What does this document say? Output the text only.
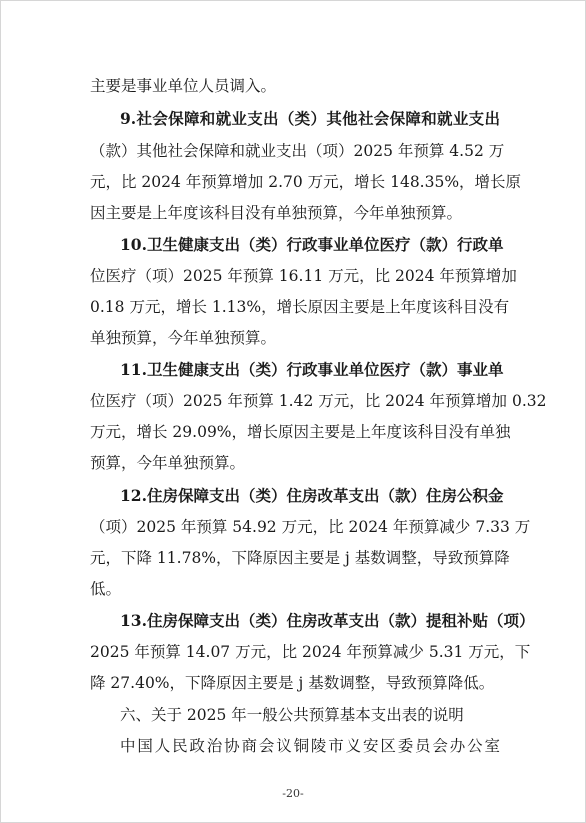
主要是事业单位人员调入。
9.社会保障和就业支出（类）其他社会保障和就业支出
（款）其他社会保障和就业支出（项）2025 年预算 4.52 万
元，比 2024 年预算增加 2.70 万元，增长 148.35%，增长原
因主要是上年度该科目没有单独预算，今年单独预算。
10.卫生健康支出（类）行政事业单位医疗（款）行政单
位医疗（项）2025 年预算 16.11 万元，比 2024 年预算增加
0.18 万元，增长 1.13%，增长原因主要是上年度该科目没有
单独预算，今年单独预算。
11.卫生健康支出（类）行政事业单位医疗（款）事业单
位医疗（项）2025 年预算 1.42 万元，比 2024 年预算增加 0.32
万元，增长 29.09%，增长原因主要是上年度该科目没有单独
预算，今年单独预算。
12.住房保障支出（类）住房改革支出（款）住房公积金
（项）2025 年预算 54.92 万元，比 2024 年预算减少 7.33 万
元，下降 11.78%，下降原因主要是 j 基数调整，导致预算降
低。
13.住房保障支出（类）住房改革支出（款）提租补贴（项）
2025 年预算 14.07 万元，比 2024 年预算减少 5.31 万元，下
降 27.40%，下降原因主要是 j 基数调整，导致预算降低。
六、关于 2025 年一般公共预算基本支出表的说明
中国人民政治协商会议铜陵市义安区委员会办公室
-20-
